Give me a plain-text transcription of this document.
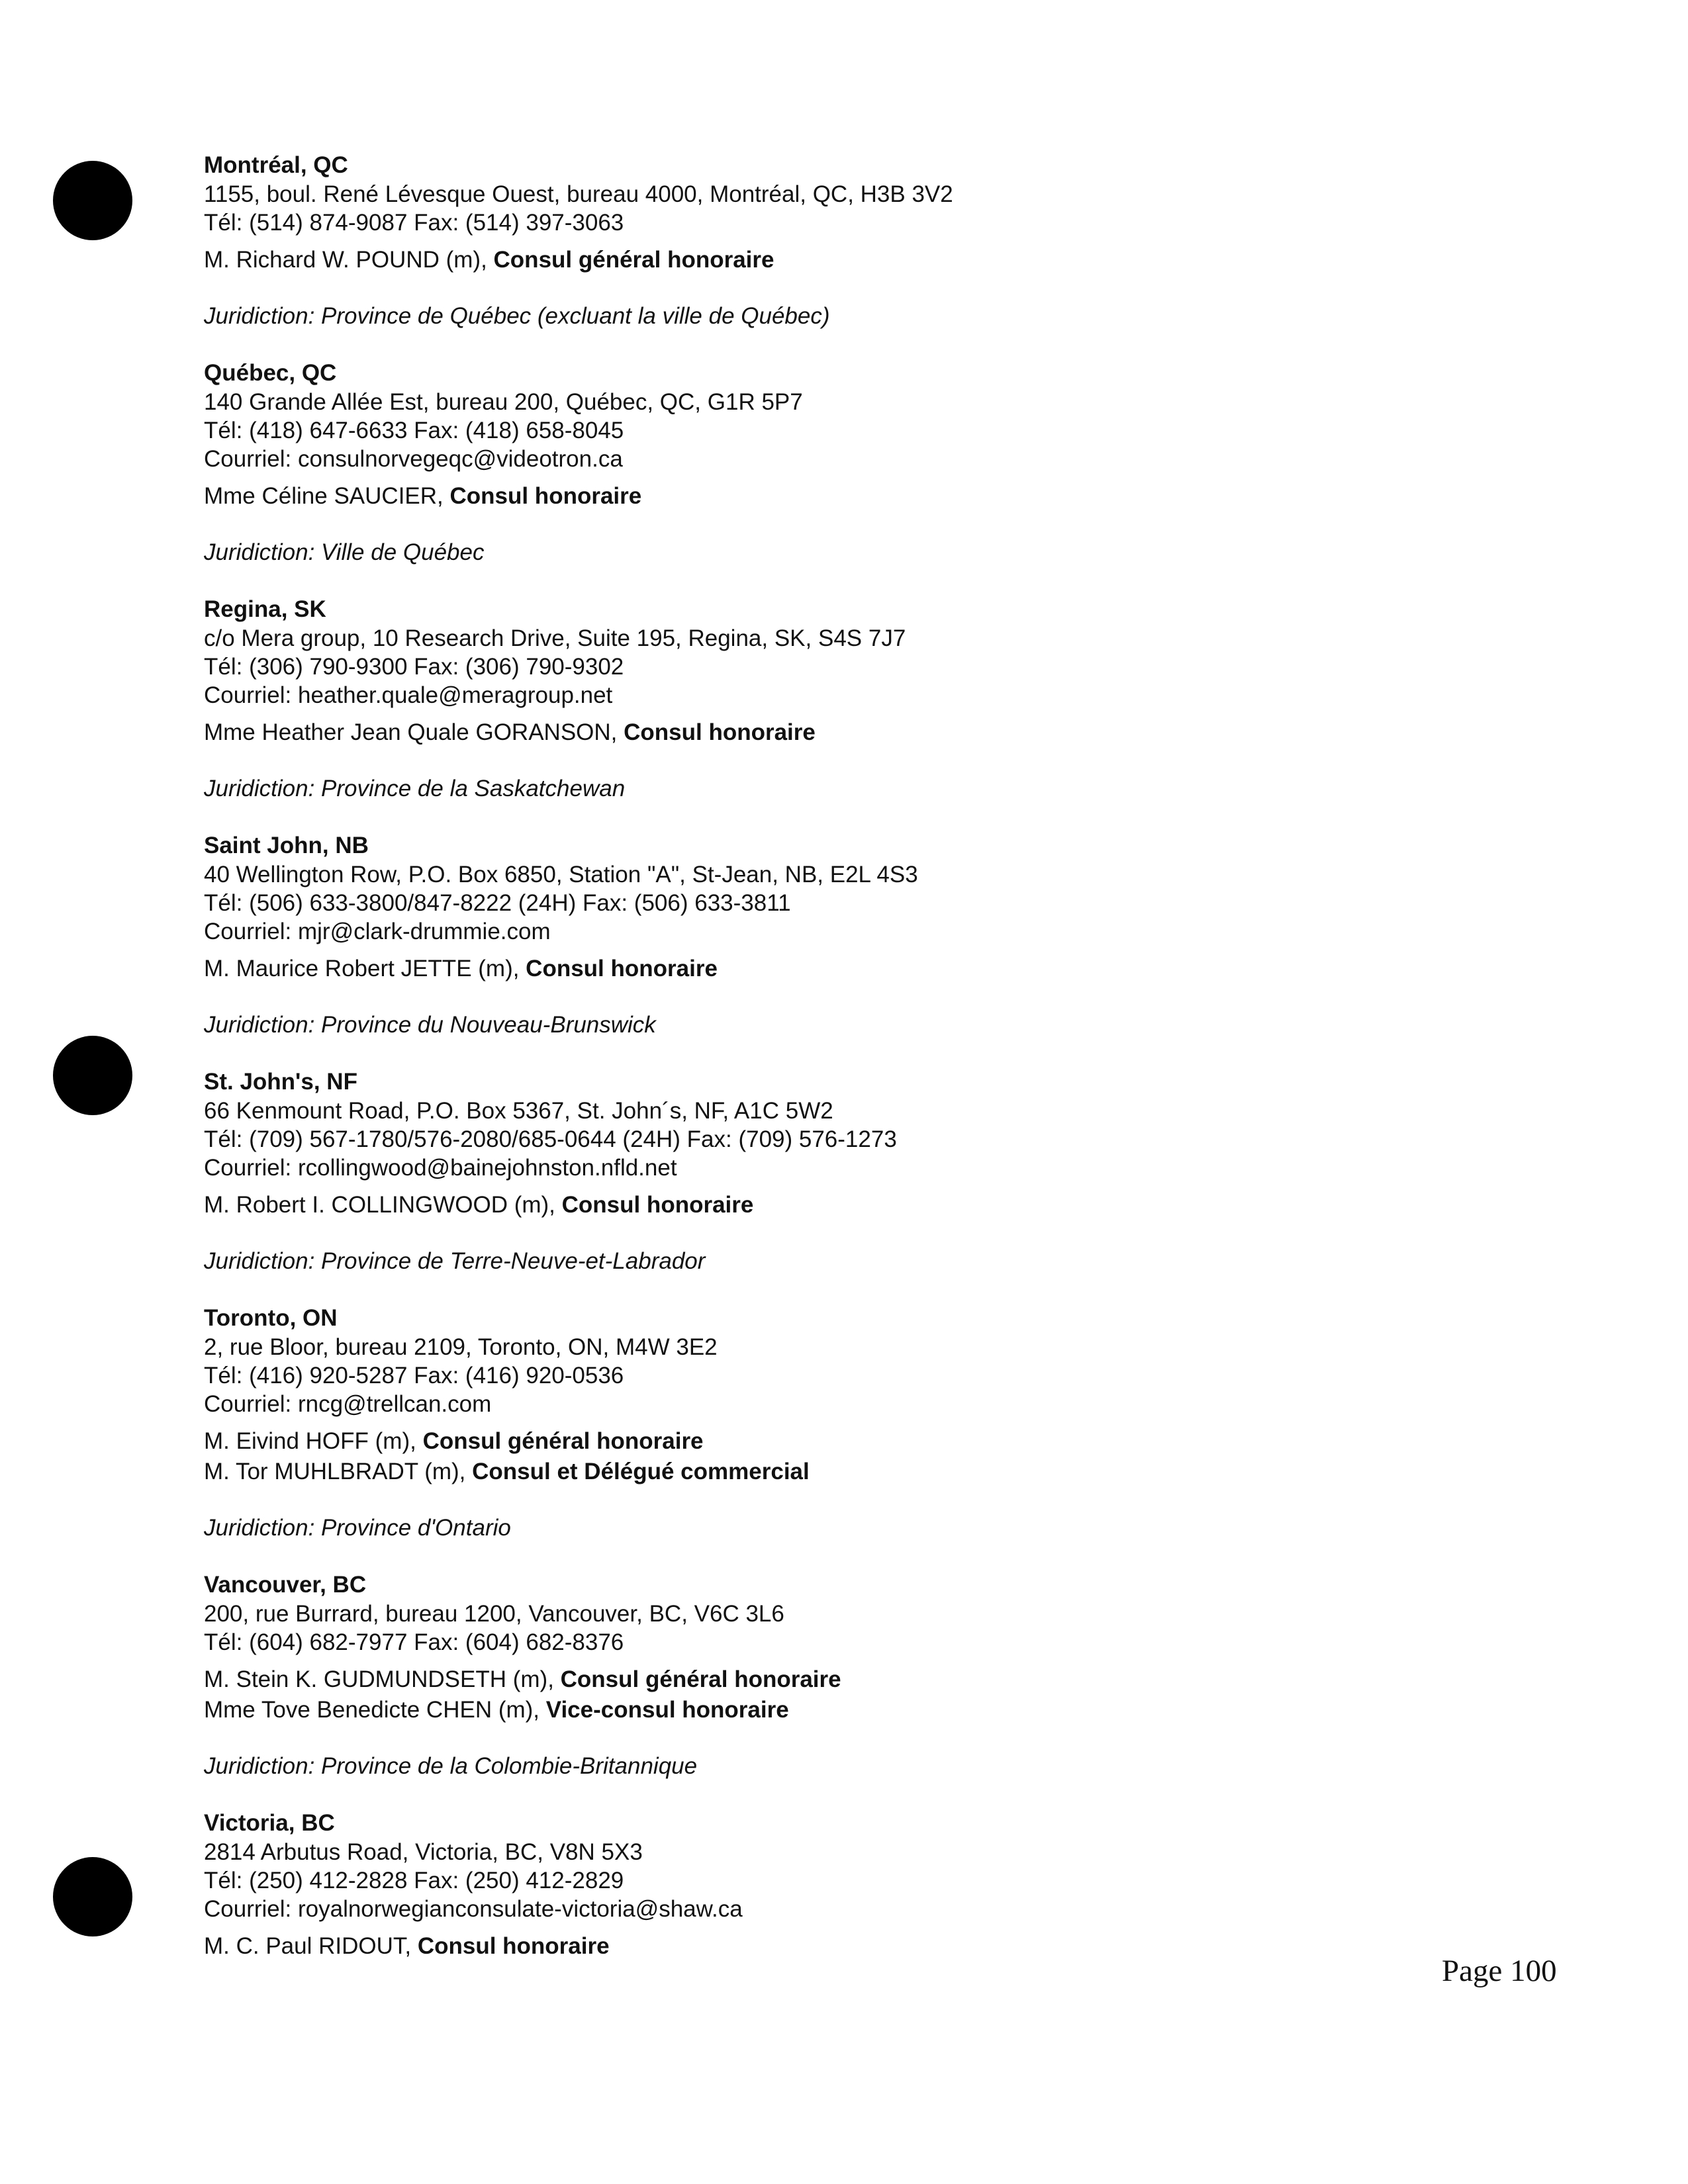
Montréal, QC

1155, boul. René Lévesque Ouest, bureau 4000, Montréal, QC, H3B 3V2

Tél: (514) 874-9087 Fax: (514) 397-3063

M. Richard W. POUND (m), Consul général honoraire

Juridiction: Province de Québec (excluant la ville de Québec)

Québec, QC

140 Grande Allée Est, bureau 200, Québec, QC, G1R 5P7

Tél: (418) 647-6633 Fax: (418) 658-8045

Courriel: consulnorvegeqc@videotron.ca

Mme Céline SAUCIER, Consul honoraire

Juridiction: Ville de Québec

Regina, SK

c/o Mera group, 10 Research Drive, Suite 195, Regina, SK, S4S 7J7

Tél: (306) 790-9300 Fax: (306) 790-9302

Courriel: heather.quale@meragroup.net

Mme Heather Jean Quale GORANSON, Consul honoraire

Juridiction: Province de la Saskatchewan

Saint John, NB

40 Wellington Row, P.O. Box 6850, Station "A", St-Jean, NB, E2L 4S3

Tél: (506) 633-3800/847-8222 (24H) Fax: (506) 633-3811

Courriel: mjr@clark-drummie.com

M. Maurice Robert JETTE (m), Consul honoraire

Juridiction: Province du Nouveau-Brunswick

St. John's, NF

66 Kenmount Road, P.O. Box 5367, St. John´s, NF, A1C 5W2

Tél: (709) 567-1780/576-2080/685-0644 (24H) Fax: (709) 576-1273

Courriel: rcollingwood@bainejohnston.nfld.net

M. Robert I. COLLINGWOOD (m), Consul honoraire

Juridiction: Province de Terre-Neuve-et-Labrador

Toronto, ON

2, rue Bloor, bureau 2109, Toronto, ON, M4W 3E2

Tél: (416) 920-5287 Fax: (416) 920-0536

Courriel: rncg@trellcan.com

M. Eivind HOFF (m), Consul général honoraire

M. Tor MUHLBRADT (m), Consul et Délégué commercial

Juridiction: Province d'Ontario

Vancouver, BC

200, rue Burrard, bureau 1200, Vancouver, BC, V6C 3L6

Tél: (604) 682-7977 Fax: (604) 682-8376

M. Stein K. GUDMUNDSETH (m), Consul général honoraire

Mme Tove Benedicte CHEN (m), Vice-consul honoraire

Juridiction: Province de la Colombie-Britannique

Victoria, BC

2814 Arbutus Road, Victoria, BC, V8N 5X3

Tél: (250) 412-2828 Fax: (250) 412-2829

Courriel: royalnorwegianconsulate-victoria@shaw.ca

M. C. Paul RIDOUT, Consul honoraire

Page 100
